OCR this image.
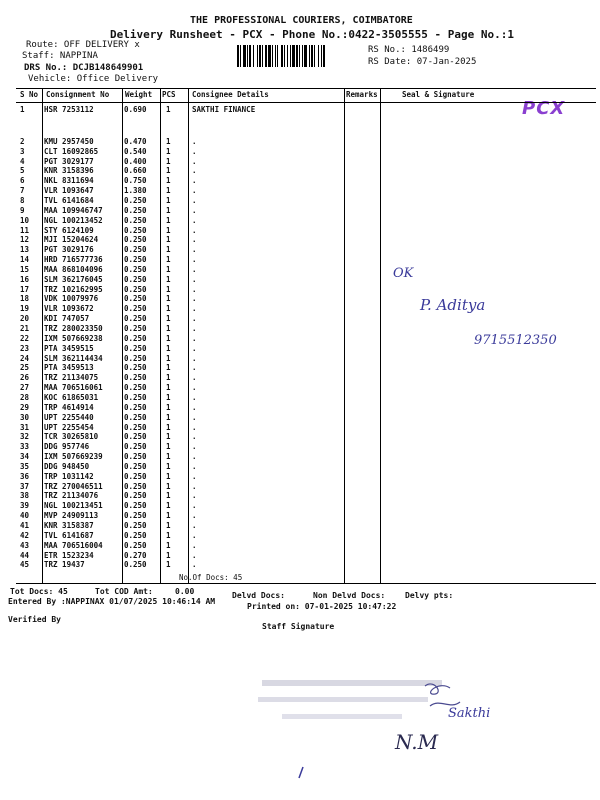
THE PROFESSIONAL COURIERS, COIMBATORE
Delivery Runsheet - PCX - Phone No.:0422-3505555 - Page No.:1
Route: OFF DELIVERY x
Staff: NAPPINA
DRS No.: DCJB148649901
Vehicle: Office Delivery
RS No.: 1486499
RS Date: 07-Jan-2025
PCX
S No Consignment No Weight PCS Consignee Details	Remarks	Seal & Signature
1	HSR 7253112	0.690	1	SAKTHI FINANCE
2	KMU 2957450	0.470	1	.
3	CLT 16092865	0.540	1	.
4	PGT 3029177	0.400	1	.
5	KNR 3158396	0.660	1	.
6	NKL 8311694	0.750	1	.
7	VLR 1093647	1.380	1	.
8	TVL 6141684	0.250	1	.
9	MAA 109946747	0.250	1	.
10 NGL 100213452	0.250	1	.
11 STY 6124109	0.250	1	.
12 MJI 15204624	0.250	1	.
13 PGT 3029176	0.250	1	.
14 HRD 716577736	0.250	1	.
15 MAA 868104096	0.250	1	.
16 SLM 362176045	0.250	1	.
17 TRZ 102162995	0.250	1	.
18 VDK 10079976	0.250	1	.
19 VLR 1093672	0.250	1	.
20 KDI 747057	0.250	1	.
21 TRZ 280023350	0.250	1	.
22 IXM 507669238	0.250	1	.
23 PTA 3459515	0.250	1	.
24 SLM 362114434	0.250	1	.
25 PTA 3459513	0.250	1	.
26 TRZ 21134075	0.250	1	.
27 MAA 706516061	0.250	1	.
28 KOC 61865031	0.250	1	.
29 TRP 4614914	0.250	1	.
30 UPT 2255440	0.250	1	.
31 UPT 2255454	0.250	1	.
32 TCR 30265810	0.250	1	.
33 DDG 957746	0.250	1	.
34 IXM 507669239	0.250	1	.
35 DDG 948450	0.250	1	.
36 TRP 1031142	0.250	1	.
37 TRZ 270046511	0.250	1	.
38 TRZ 21134076	0.250	1	.
39 NGL 100213451	0.250	1	.
40 MVP 24909113	0.250	1	.
41 KNR 3158387	0.250	1	.
42 TVL 6141687	0.250	1	.
43 MAA 706516004	0.250	1	.
44 ETR 1523234	0.270	1	.
45 TRZ 19437	0.250	1	.
No.Of Docs: 45
OK
P. Aditya
9715512350
Tot Docs: 45	Tot COD Amt:	0.00	Delvd Docs:	Non Delvd Docs: Delvy pts:
Entered By :NAPPINAX 01/07/2025 10:46:14 AM
Printed on: 07-01-2025 10:47:22
Verified By
Staff Signature
Sakthi
N.M
